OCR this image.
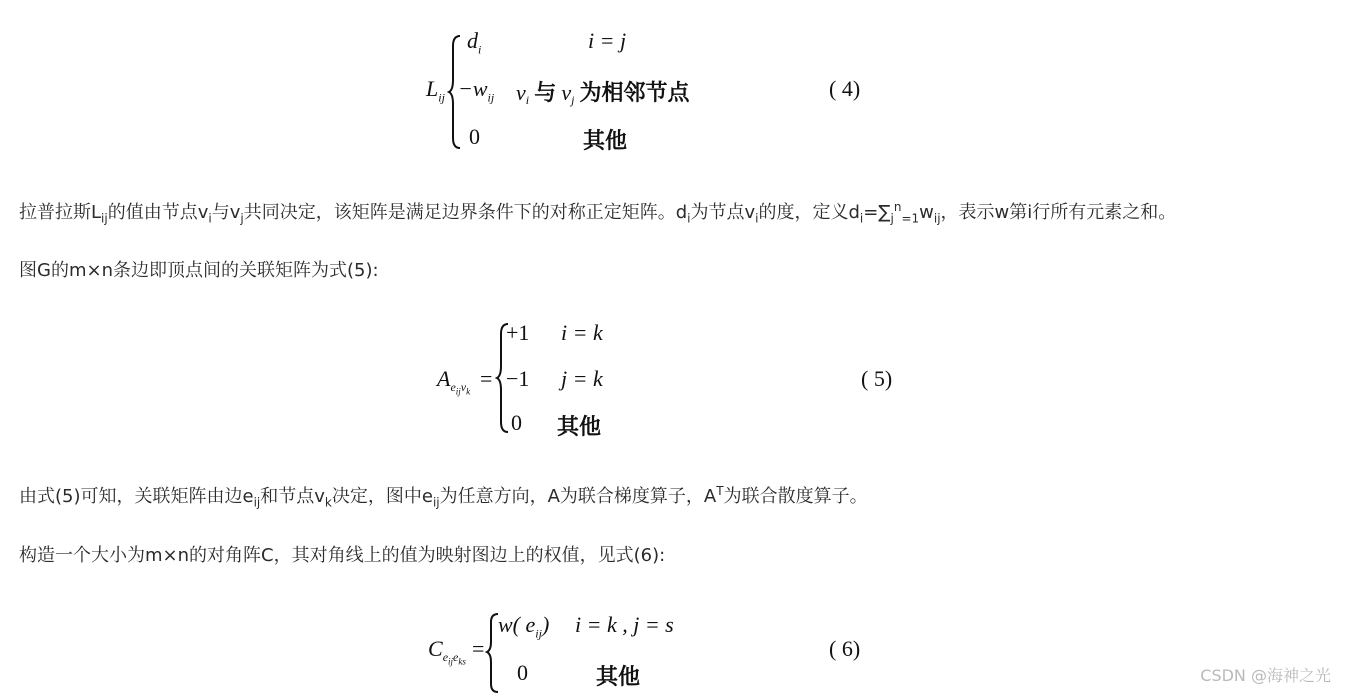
$L_{ij}$
$d_i$	i = j
$-w_{ij}$ $v_i$ 与 $v_j$ 为相邻节点
0	其他
( 4)

拉普拉斯$L_{ij}$的值由节点$v_i$与$v_j$共同决定，该矩阵是满足边界条件下的对称正定矩阵。$d_i$为节点$v_i$的度，定义$d_i=\sum_j^n_{=1}w_{ij}$，表示w第i行所有元素之和。

图G的m×n条边即顶点间的关联矩阵为式(5):

$A_{e_{ij}v_k}$
=
+1 i = k
−1 j = k
0 其他
( 5)

由式(5)可知，关联矩阵由边$e_{ij}$和节点$v_k$决定，图中$e_{ij}$为任意方向，A为联合梯度算子，$A^T$为联合散度算子。

构造一个大小为m×n的对角阵C，其对角线上的值为映射图边上的权值，见式(6):

$C_{e_{ij}e_{ks}}$
=
w( $e_{ij}$) i = k , j = s
0	其他
( 6)
CSDN @海神之光
